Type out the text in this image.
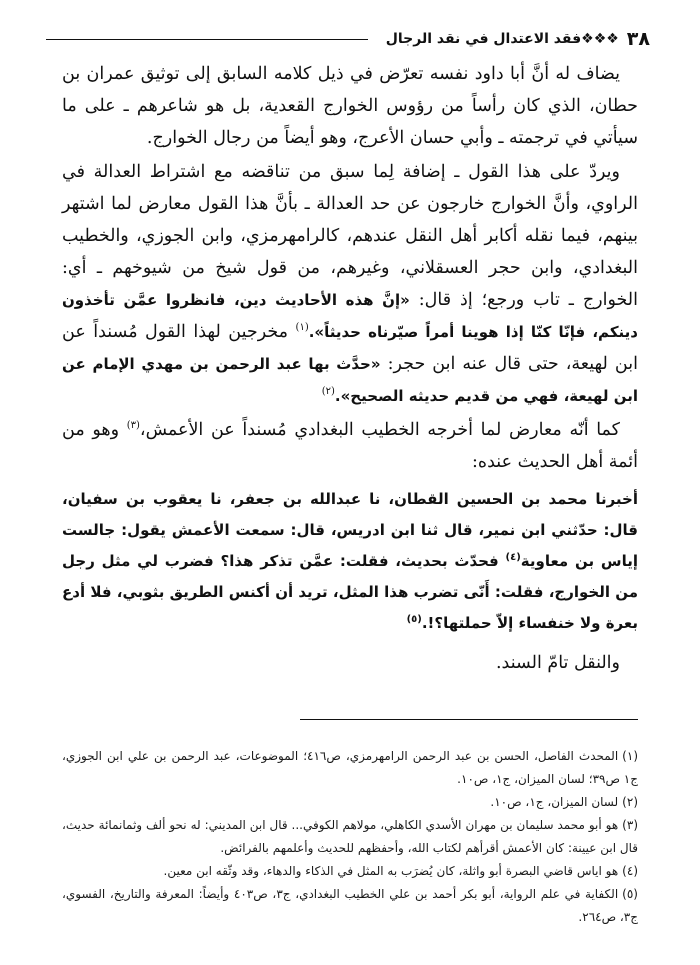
٣٨
❖❖❖فقد الاعتدال في نقد الرجال

يضاف له أنَّ أبا داود نفسه تعرّض في ذيل كلامه السابق إلى توثيق عمران بن حطان، الذي كان رأساً من رؤوس الخوارج القعدية، بل هو شاعرهم ـ على ما سيأتي في ترجمته ـ وأبي حسان الأعرج، وهو أيضاً من رجال الخوارج.

ويردّ على هذا القول ـ إضافة لِما سبق من تناقضه مع اشتراط العدالة في الراوي، وأنَّ الخوارج خارجون عن حد العدالة ـ بأنَّ هذا القول معارض لما اشتهر بينهم، فيما نقله أكابر أهل النقل عندهم، كالرامهرمزي، وابن الجوزي، والخطيب البغدادي، وابن حجر العسقلاني، وغيرهم، من قول شيخ من شيوخهم ـ أي: الخوارج ـ تاب ورجع؛ إذ قال: «إنَّ هذه الأحاديث دين، فانظروا عمَّن تأخذون دينكم، فإنّا كنّا إذا هوينا أمراً صيّرناه حديثاً».$^{(١)}$ مخرجين لهذا القول مُسنداً عن ابن لهيعة، حتى قال عنه ابن حجر: «حدَّث بها عبد الرحمن بن مهدي الإمام عن ابن لهيعة، فهي من قديم حديثه الصحيح».$^{(٢)}$

كما أنّه معارض لما أخرجه الخطيب البغدادي مُسنداً عن الأعمش،$^{(٣)}$ وهو من أئمة أهل الحديث عنده:

أخبرنا محمد بن الحسين القطان، نا عبدالله بن جعفر، نا يعقوب بن سفيان، قال: حدّثني ابن نمير، قال ثنا ابن ادريس، قال: سمعت الأعمش يقول: جالست إياس بن معاوية$^{(٤)}$ فحدّث بحديث، فقلت: عمَّن تذكر هذا؟ فضرب لي مثل رجل من الخوارج، فقلت: أَنّى تضرب هذا المثل، تريد أن أكنس الطريق بثوبي، فلا أدع بعرة ولا خنفساء إلاّ حملتها؟!.$^{(٥)}$

والنقل تامّ السند.

(١)المحدث الفاصل، الحسن بن عبد الرحمن الرامهرمزي، ص٤١٦؛ الموضوعات، عبد الرحمن بن علي ابن الجوزي، ج١ ص٣٩؛ لسان الميزان، ج١، ص١٠.

(٢)لسان الميزان، ج١، ص١٠.

(٣)هو أبو محمد سليمان بن مهران الأسدي الكاهلي، مولاهم الكوفي... قال ابن المديني: له نحو ألف وثمانمائة حديث، قال ابن عيينة: كان الأعمش أقرأهم لكتاب الله، وأحفظهم للحديث وأعلمهم بالفرائض.

(٤)هو اياس قاضي البصرة أبو واثلة، كان يُضرَب به المثل في الذكاء والدهاء، وقد وثّقه ابن معين.

(٥)الكفاية في علم الرواية، أبو بكر أحمد بن علي الخطيب البغدادي، ج٣، ص٤٠٣ وأيضاً: المعرفة والتاريخ، الفسوي، ج٣، ص٢٦٤.
